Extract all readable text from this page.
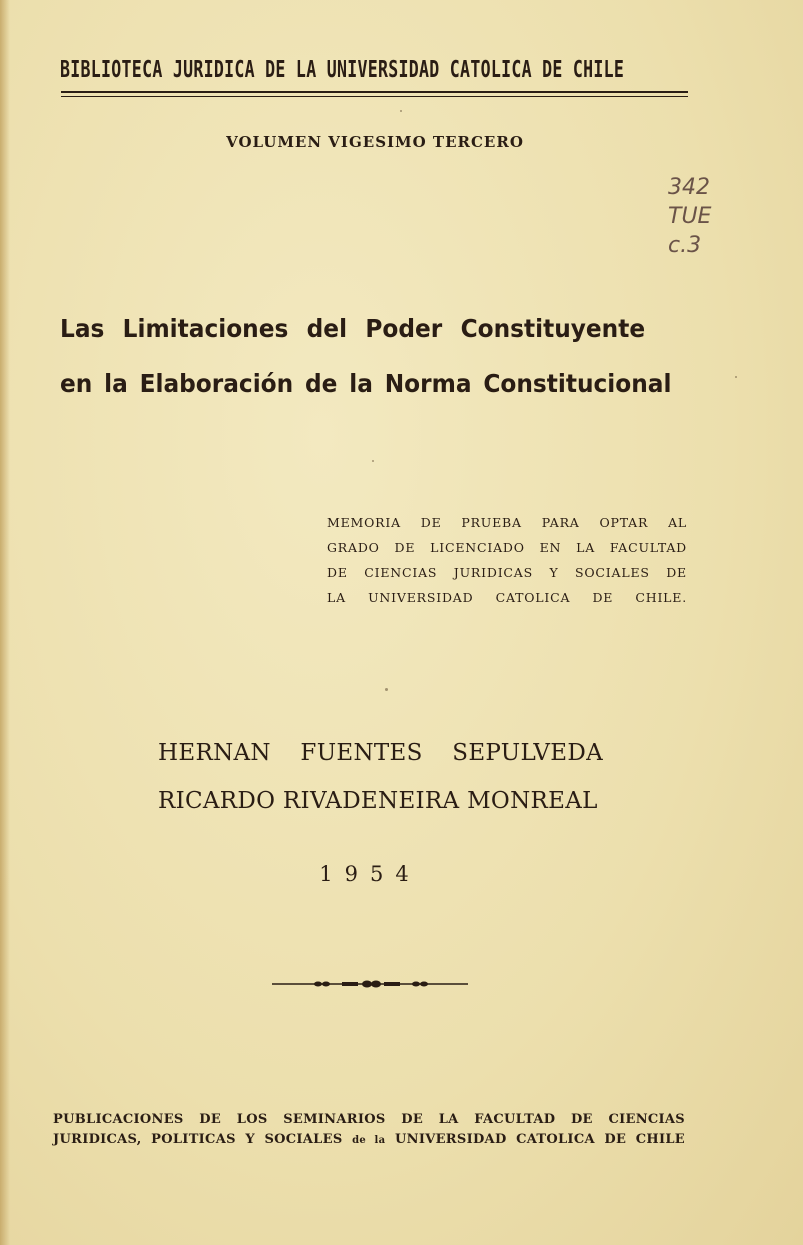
BIBLIOTECA JURIDICA DE LA UNIVERSIDAD CATOLICA DE CHILE
VOLUMEN VIGESIMO TERCERO
342
TUE
c.3
Las Limitaciones del Poder Constituyente
en la Elaboración de la Norma Constitucional
MEMORIA DE PRUEBA PARA OPTAR AL
GRADO DE LICENCIADO EN LA FACULTAD
DE CIENCIAS JURIDICAS Y SOCIALES DE
LA UNIVERSIDAD CATOLICA DE CHILE.
HERNAN FUENTES SEPULVEDA
RICARDO RIVADENEIRA MONREAL
1954
PUBLICACIONES DE LOS SEMINARIOS DE LA FACULTAD DE CIENCIAS
JURIDICAS, POLITICAS Y SOCIALES de la UNIVERSIDAD CATOLICA DE CHILE
